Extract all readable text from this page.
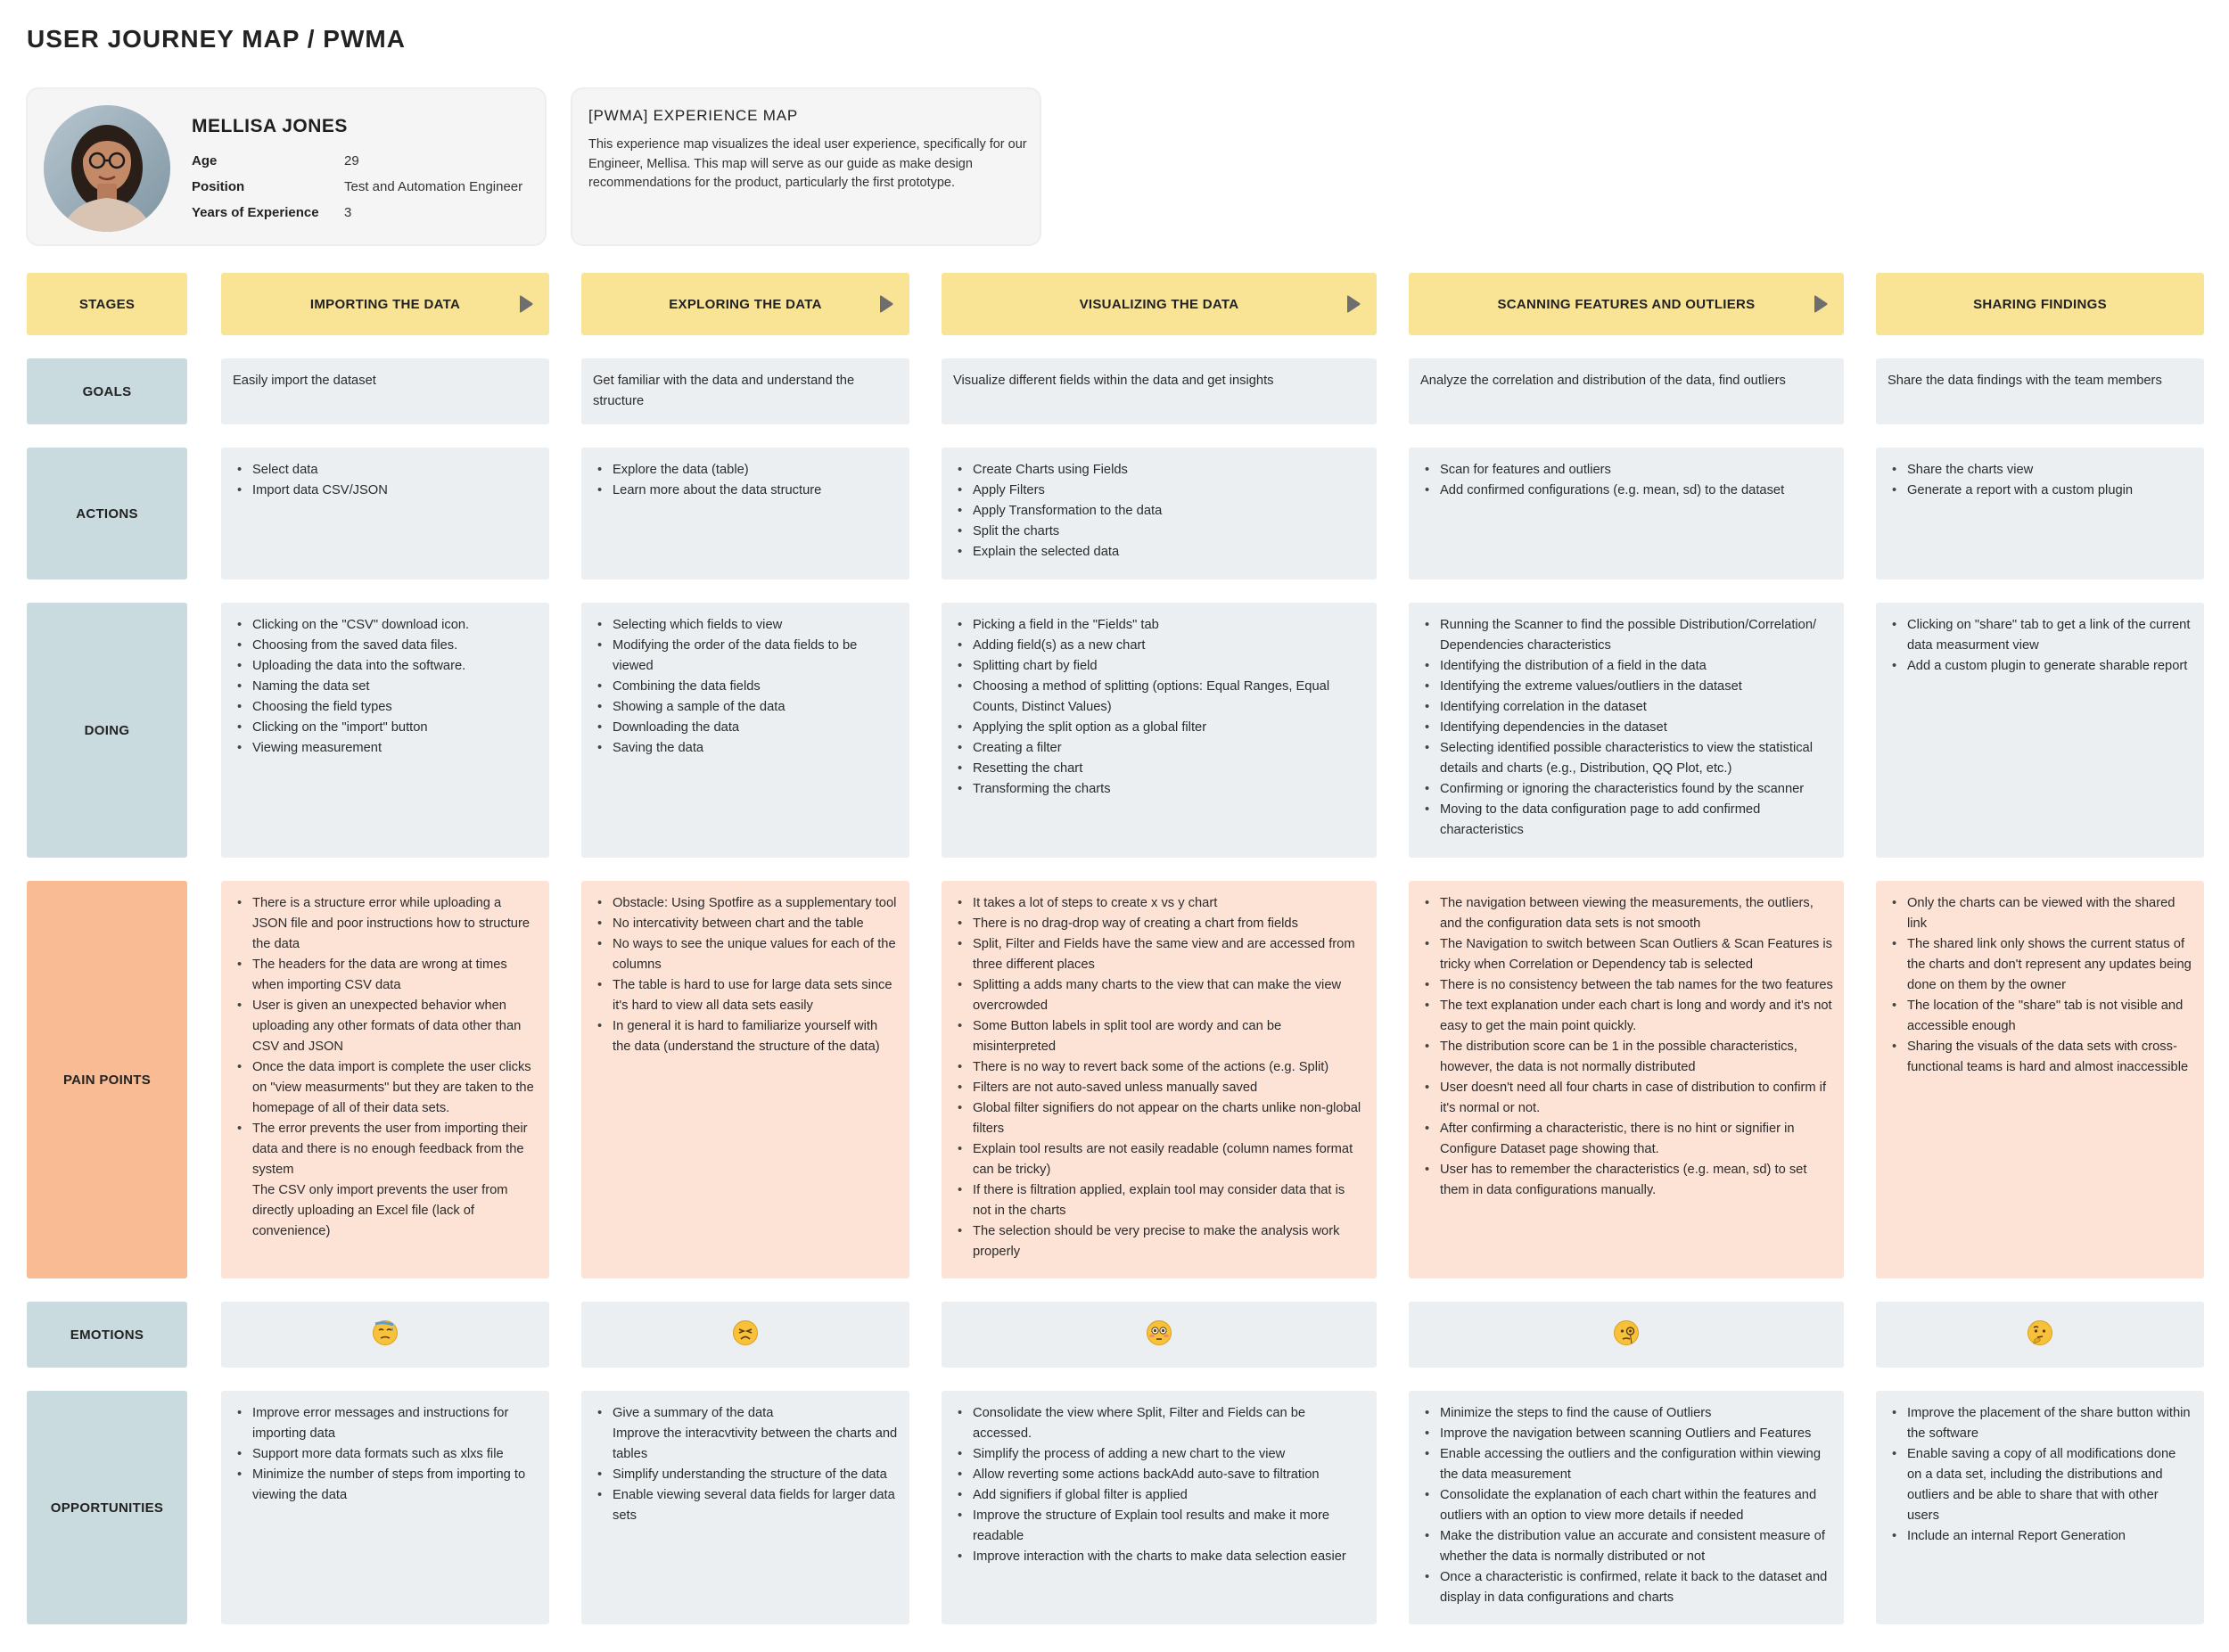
USER JOURNEY MAP / PWMA
MELLISA JONES
Age	29
Position	Test and Automation Engineer
Years of Experience 3
[PWMA] EXPERIENCE MAP
This experience map visualizes the ideal user experience, specifically for our Engineer, Mellisa. This map will serve as our guide as make design recommendations for the product, particularly the first prototype.
STAGES
GOALS
ACTIONS
DOING
PAIN POINTS
EMOTIONS
OPPORTUNITIES
IMPORTING THE DATA

Easily import the dataset

• Select data
• Import data CSV/JSON
• Clicking on the "CSV" download icon.
• Choosing from the saved data files.
• Uploading the data into the software.
• Naming the data set
• Choosing the field types
• Clicking on the "import" button
• Viewing measurement
• There is a structure error while uploading a JSON file and poor instructions how to structure the data
• The headers for the data are wrong at times when importing CSV data
• User is given an unexpected behavior when uploading any other formats of data other than CSV and JSON
• Once the data import is complete the user clicks on "view measurments" but they are taken to the homepage of all of their data sets.
• The error prevents the user from importing their data and there is no enough feedback from the system
The CSV only import prevents the user from directly uploading an Excel file (lack of convenience)
• Improve error messages and instructions for importing data
• Support more data formats such as xlxs file
• Minimize the number of steps from importing to viewing the data
EXPLORING THE DATA

Get familiar with the data and understand the structure

• Explore the data (table)
• Learn more about the data structure
• Selecting which fields to view
• Modifying the order of the data fields to be viewed
• Combining the data fields
• Showing a sample of the data
• Downloading the data
• Saving the data
• Obstacle: Using Spotfire as a supplementary tool
• No intercativity between chart and the table
• No ways to see the unique values for each of the columns
• The table is hard to use for large data sets since it's hard to view all data sets easily
• In general it is hard to familiarize yourself with the data (understand the structure of the data)
• Give a summary of the data
Improve the interacvtivity between the charts and tables
• Simplify understanding the structure of the data
• Enable viewing several data fields for larger data sets
VISUALIZING THE DATA

Visualize different fields within the data and get insights

• Create Charts using Fields
• Apply Filters
• Apply Transformation to the data
• Split the charts
• Explain the selected data
• Picking a field in the "Fields" tab
• Adding field(s) as a new chart
• Splitting chart by field
• Choosing a method of splitting (options: Equal Ranges, Equal Counts, Distinct Values)
• Applying the split option as a global filter
• Creating a filter
• Resetting the chart
• Transforming the charts
• It takes a lot of steps to create x vs y chart
• There is no drag-drop way of creating a chart from fields
• Split, Filter and Fields have the same view and are accessed from three different places
• Splitting a adds many charts to the view that can make the view overcrowded
• Some Button labels in split tool are wordy and can be misinterpreted
• There is no way to revert back some of the actions (e.g. Split)
• Filters are not auto-saved unless manually saved
• Global filter signifiers do not appear on the charts unlike non-global filters
• Explain tool results are not easily readable (column names format can be tricky)
• If there is filtration applied, explain tool may consider data that is not in the charts
• The selection should be very precise to make the analysis work properly
• Consolidate the view where Split, Filter and Fields can be accessed.
• Simplify the process of adding a new chart to the view
• Allow reverting some actions backAdd auto-save to filtration
• Add signifiers if global filter is applied
• Improve the structure of Explain tool results and make it more readable
• Improve interaction with the charts to make data selection easier
SCANNING FEATURES AND OUTLIERS

Analyze the correlation and distribution of the data, find outliers

• Scan for features and outliers
• Add confirmed configurations (e.g. mean, sd) to the dataset
• Running the Scanner to find the possible Distribution/Correlation/ Dependencies characteristics
• Identifying the distribution of a field in the data
• Identifying the extreme values/outliers in the dataset
• Identifying correlation in the dataset
• Identifying dependencies in the dataset
• Selecting identified possible characteristics to view the statistical details and charts (e.g., Distribution, QQ Plot, etc.)
• Confirming or ignoring the characteristics found by the scanner
• Moving to the data configuration page to add confirmed characteristics
• The navigation between viewing the measurements, the outliers, and the configuration data sets is not smooth
• The Navigation to switch between Scan Outliers & Scan Features is tricky when Correlation or Dependency tab is selected
• There is no consistency between the tab names for the two features
• The text explanation under each chart is long and wordy and it's not easy to get the main point quickly.
• The distribution score can be 1 in the possible characteristics, however, the data is not normally distributed
• User doesn't need all four charts in case of distribution to confirm if it's normal or not.
• After confirming a characteristic, there is no hint or signifier in Configure Dataset page showing that.
• User has to remember the characteristics (e.g. mean, sd) to set them in data configurations manually.
• Minimize the steps to find the cause of Outliers
• Improve the navigation between scanning Outliers and Features
• Enable accessing the outliers and the configuration within viewing the data measurement
• Consolidate the explanation of each chart within the features and outliers with an option to view more details if needed
• Make the distribution value an accurate and consistent measure of whether the data is normally distributed or not
• Once a characteristic is confirmed, relate it back to the dataset and display in data configurations and charts
SHARING FINDINGS

Share the data findings with the team members

• Share the charts view
• Generate a report with a custom plugin
• Clicking on "share" tab to get a link of the current data measurment view
• Add a custom plugin to generate sharable report
• Only the charts can be viewed with the shared link
• The shared link only shows the current status of the charts and don't represent any updates being done on them by the owner
• The location of the "share" tab is not visible and accessible enough
• Sharing the visuals of the data sets with cross-functional teams is hard and almost inaccessible
• Improve the placement of the share button within the software
• Enable saving a copy of all modifications done on a data set, including the distributions and outliers and be able to share that with other users
• Include an internal Report Generation
